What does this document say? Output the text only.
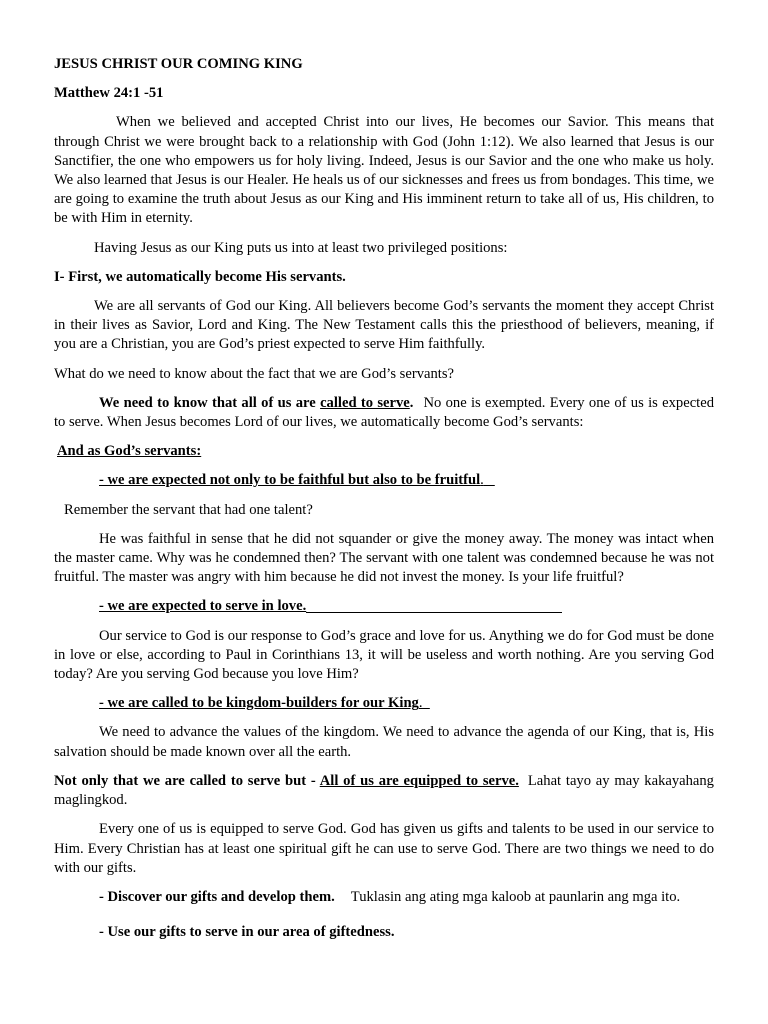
JESUS CHRIST OUR COMING KING

Matthew 24:1 -51

When we believed and accepted Christ into our lives, He becomes our Savior. This means that through Christ we were brought back to a relationship with God (John 1:12). We also learned that Jesus is our Sanctifier, the one who empowers us for holy living. Indeed, Jesus is our Savior and the one who make us holy. We also learned that Jesus is our Healer. He heals us of our sicknesses and frees us from bondages. This time, we are going to examine the truth about Jesus as our King and His imminent return to take all of us, His children, to be with Him in eternity.

Having Jesus as our King puts us into at least two privileged positions:

I- First, we automatically become His servants.

We are all servants of God our King. All believers become God’s servants the moment they accept Christ in their lives as Savior, Lord and King. The New Testament calls this the priesthood of believers, meaning, if you are a Christian, you are God’s priest expected to serve Him faithfully.

What do we need to know about the fact that we are God’s servants?

We need to know that all of us are called to serve. No one is exempted. Every one of us is expected to serve. When Jesus becomes Lord of our lives, we automatically become God’s servants:

And as God’s servants:

- we are expected not only to be faithful but also to be fruitful.

Remember the servant that had one talent?

He was faithful in sense that he did not squander or give the money away. The money was intact when the master came. Why was he condemned then? The servant with one talent was condemned because he was not fruitful. The master was angry with him because he did not invest the money. Is your life fruitful?

- we are expected to serve in love.

Our service to God is our response to God’s grace and love for us. Anything we do for God must be done in love or else, according to Paul in Corinthians 13, it will be useless and worth nothing. Are you serving God today? Are you serving God because you love Him?

- we are called to be kingdom-builders for our King.

We need to advance the values of the kingdom. We need to advance the agenda of our King, that is, His salvation should be made known over all the earth.

Not only that we are called to serve but - All of us are equipped to serve. Lahat tayo ay may kakayahang maglingkod.

Every one of us is equipped to serve God. God has given us gifts and talents to be used in our service to Him. Every Christian has at least one spiritual gift he can use to serve God. There are two things we need to do with our gifts.

- Discover our gifts and develop them. Tuklasin ang ating mga kaloob at paunlarin ang mga ito.

- Use our gifts to serve in our area of giftedness.
